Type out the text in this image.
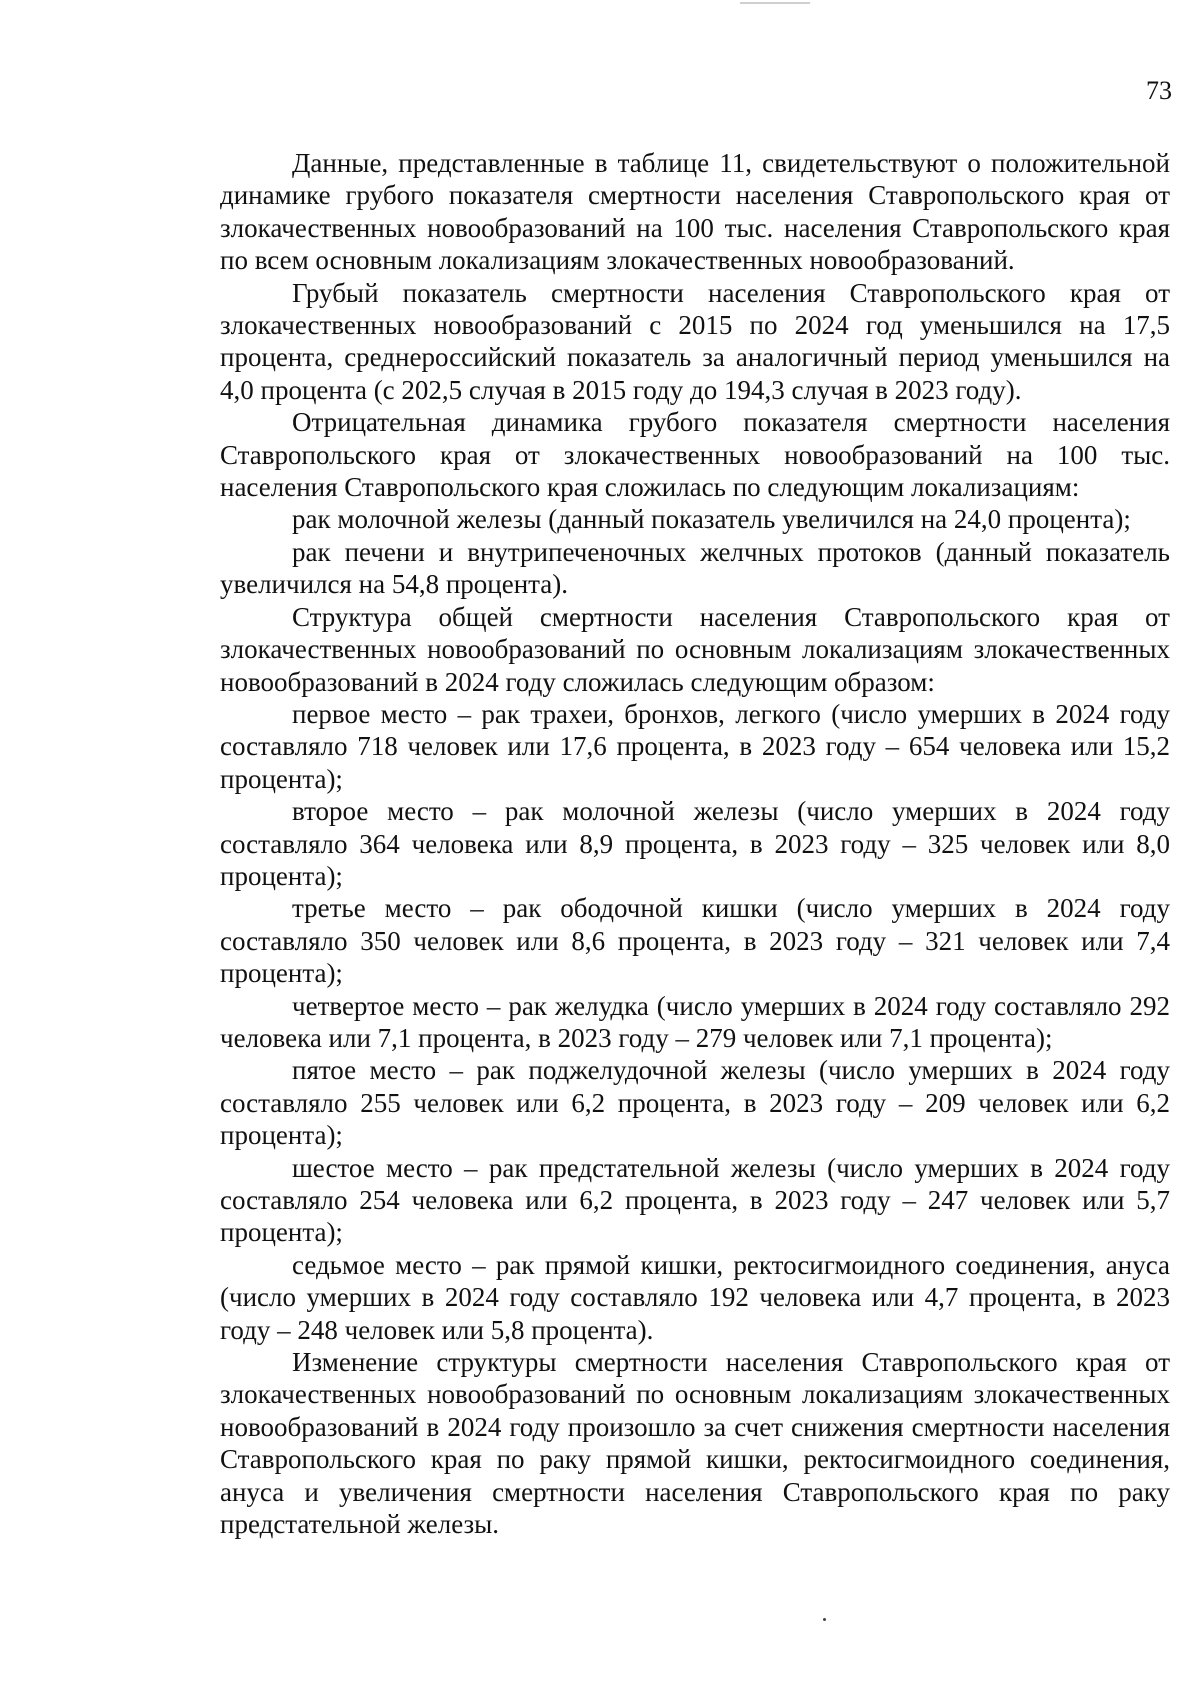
73

Данные, представленные в таблице 11, свидетельствуют о положительной динамике грубого показателя смертности населения Ставропольского края от злокачественных новообразований на 100 тыс. населения Ставропольского края по всем основным локализациям злокачественных новообразований.

Грубый показатель смертности населения Ставропольского края от злокачественных новообразований с 2015 по 2024 год уменьшился на 17,5 процента, среднероссийский показатель за аналогичный период уменьшился на 4,0 процента (с 202,5 случая в 2015 году до 194,3 случая в 2023 году).

Отрицательная динамика грубого показателя смертности населения Ставропольского края от злокачественных новообразований на 100 тыс. населения Ставропольского края сложилась по следующим локализациям:

рак молочной железы (данный показатель увеличился на 24,0 процента);

рак печени и внутрипеченочных желчных протоков (данный показатель увеличился на 54,8 процента).

Структура общей смертности населения Ставропольского края от злокачественных новообразований по основным локализациям злокачественных новообразований в 2024 году сложилась следующим образом:

первое место – рак трахеи, бронхов, легкого (число умерших в 2024 году составляло 718 человек или 17,6 процента, в 2023 году – 654 человека или 15,2 процента);

второе место – рак молочной железы (число умерших в 2024 году составляло 364 человека или 8,9 процента, в 2023 году – 325 человек или 8,0 процента);

третье место – рак ободочной кишки (число умерших в 2024 году составляло 350 человек или 8,6 процента, в 2023 году – 321 человек или 7,4 процента);

четвертое место – рак желудка (число умерших в 2024 году составляло 292 человека или 7,1 процента, в 2023 году – 279 человек или 7,1 процента);

пятое место – рак поджелудочной железы (число умерших в 2024 году составляло 255 человек или 6,2 процента, в 2023 году – 209 человек или 6,2 процента);

шестое место – рак предстательной железы (число умерших в 2024 году составляло 254 человека или 6,2 процента, в 2023 году – 247 человек или 5,7 процента);

седьмое место – рак прямой кишки, ректосигмоидного соединения, ануса (число умерших в 2024 году составляло 192 человека или 4,7 процента, в 2023 году – 248 человек или 5,8 процента).

Изменение структуры смертности населения Ставропольского края от злокачественных новообразований по основным локализациям злокачественных новообразований в 2024 году произошло за счет снижения смертности населения Ставропольского края по раку прямой кишки, ректосигмоидного соединения, ануса и увеличения смертности населения Ставропольского края по раку предстательной железы.
